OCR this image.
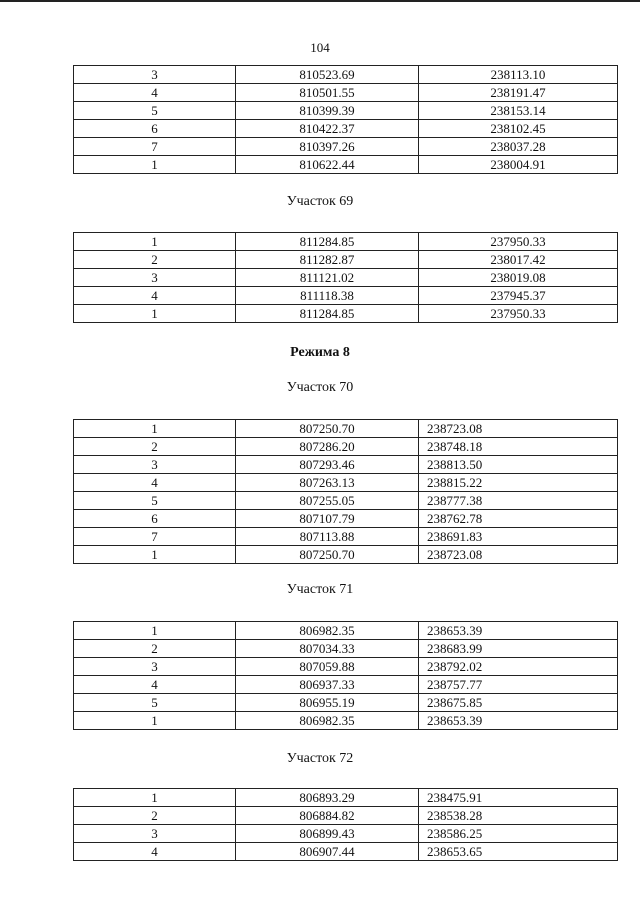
104
3	810523.69	238113.10
4	810501.55	238191.47
5	810399.39	238153.14
6	810422.37	238102.45
7	810397.26	238037.28
1	810622.44	238004.91
Участок 69
1	811284.85	237950.33
2	811282.87	238017.42
3	811121.02	238019.08
4	811118.38	237945.37
1	811284.85	237950.33
Режима 8
Участок 70
1	807250.70	238723.08
2	807286.20	238748.18
3	807293.46	238813.50
4	807263.13	238815.22
5	807255.05	238777.38
6	807107.79	238762.78
7	807113.88	238691.83
1	807250.70	238723.08
Участок 71
1	806982.35	238653.39
2	807034.33	238683.99
3	807059.88	238792.02
4	806937.33	238757.77
5	806955.19	238675.85
1	806982.35	238653.39
Участок 72
1	806893.29	238475.91
2	806884.82	238538.28
3	806899.43	238586.25
4	806907.44	238653.65
